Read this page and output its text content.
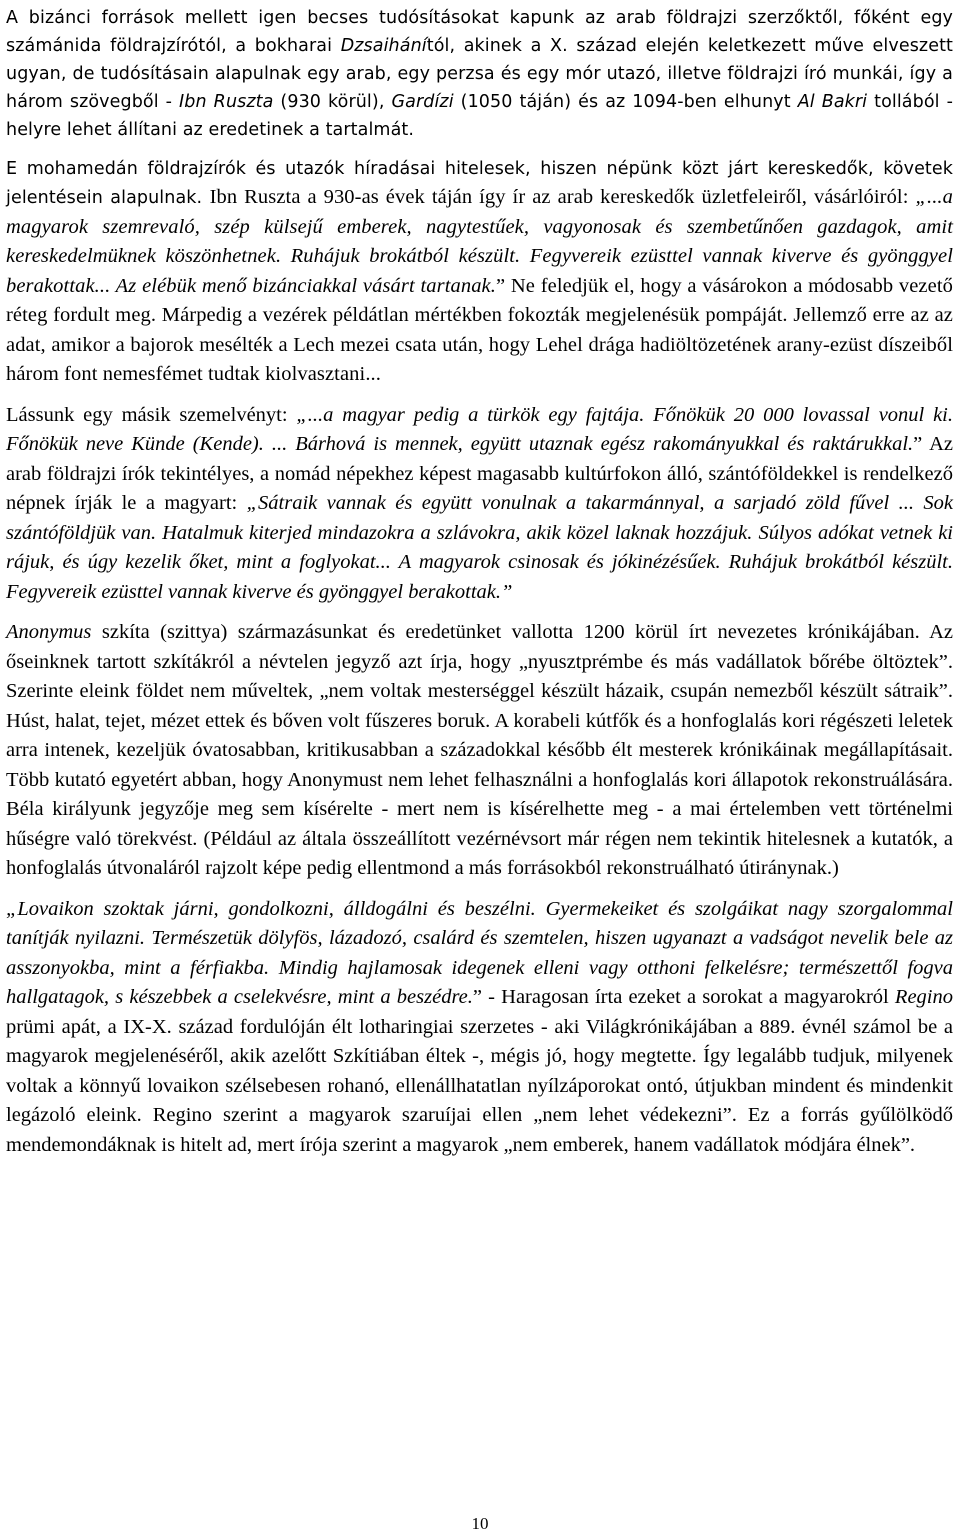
A bizánci források mellett igen becses tudósításokat kapunk az arab földrajzi szerzőktől, főként egy számánida földrajzírótól, a bokharai Dzsaihánítól, akinek a X. század elején keletkezett műve elveszett ugyan, de tudósításain alapulnak egy arab, egy perzsa és egy mór utazó, illetve földrajzi író munkái, így a három szövegből - Ibn Ruszta (930 körül), Gardízi (1050 táján) és az 1094-ben elhunyt Al Bakri tollából - helyre lehet állítani az eredetinek a tartalmát.

E mohamedán földrajzírók és utazók híradásai hitelesek, hiszen népünk közt járt kereskedők, követek jelentésein alapulnak. Ibn Ruszta a 930-as évek táján így ír az arab kereskedők üzletfeleiről, vásárlóiról: „...a magyarok szemrevaló, szép külsejű emberek, nagytestűek, vagyonosak és szembetűnően gazdagok, amit kereskedelmüknek köszönhetnek. Ruhájuk brokátból készült. Fegyvereik ezüsttel vannak kiverve és gyönggyel berakottak... Az elébük menő bizánciakkal vásárt tartanak.” Ne feledjük el, hogy a vásárokon a módosabb vezető réteg fordult meg. Márpedig a vezérek példátlan mértékben fokozták megjelenésük pompáját. Jellemző erre az az adat, amikor a bajorok mesélték a Lech mezei csata után, hogy Lehel drága hadiöltözetének arany-ezüst díszeiből három font nemesfémet tudtak kiolvasztani...

Lássunk egy másik szemelvényt: „...a magyar pedig a türkök egy fajtája. Főnökük 20 000 lovassal vonul ki. Főnökük neve Künde (Kende). ... Bárhová is mennek, együtt utaznak egész rakományukkal és raktárukkal.” Az arab földrajzi írók tekintélyes, a nomád népekhez képest magasabb kultúrfokon álló, szántóföldekkel is rendelkező népnek írják le a magyart: „Sátraik vannak és együtt vonulnak a takarmánnyal, a sarjadó zöld fűvel ... Sok szántóföldjük van. Hatalmuk kiterjed mindazokra a szlávokra, akik közel laknak hozzájuk. Súlyos adókat vetnek ki rájuk, és úgy kezelik őket, mint a foglyokat... A magyarok csinosak és jókinézésűek. Ruhájuk brokátból készült. Fegyvereik ezüsttel vannak kiverve és gyönggyel berakottak.”

Anonymus szkíta (szittya) származásunkat és eredetünket vallotta 1200 körül írt nevezetes krónikájában. Az őseinknek tartott szkítákról a névtelen jegyző azt írja, hogy „nyusztprémbe és más vadállatok bőrébe öltöztek”. Szerinte eleink földet nem műveltek, „nem voltak mesterséggel készült házaik, csupán nemezből készült sátraik”. Húst, halat, tejet, mézet ettek és bőven volt fűszeres boruk. A korabeli kútfők és a honfoglalás kori régészeti leletek arra intenek, kezeljük óvatosabban, kritikusabban a századokkal később élt mesterek krónikáinak megállapításait. Több kutató egyetért abban, hogy Anonymust nem lehet felhasználni a honfoglalás kori állapotok rekonstruálására. Béla királyunk jegyzője meg sem kísérelte - mert nem is kísérelhette meg - a mai értelemben vett történelmi hűségre való törekvést. (Például az általa összeállított vezérnévsort már régen nem tekintik hitelesnek a kutatók, a honfoglalás útvonaláról rajzolt képe pedig ellentmond a más forrásokból rekonstruálható útiránynak.)

„Lovaikon szoktak járni, gondolkozni, álldogálni és beszélni. Gyermekeiket és szolgáikat nagy szorgalommal tanítják nyilazni. Természetük dölyfös, lázadozó, csalárd és szemtelen, hiszen ugyanazt a vadságot nevelik bele az asszonyokba, mint a férfiakba. Mindig hajlamosak idegenek elleni vagy otthoni felkelésre; természettől fogva hallgatagok, s készebbek a cselekvésre, mint a beszédre.” - Haragosan írta ezeket a sorokat a magyarokról Regino prümi apát, a IX-X. század fordulóján élt lotharingiai szerzetes - aki Világkrónikájában a 889. évnél számol be a magyarok megjelenéséről, akik azelőtt Szkítiában éltek -, mégis jó, hogy megtette. Így legalább tudjuk, milyenek voltak a könnyű lovaikon szélsebesen rohanó, ellenállhatatlan nyílzáporokat ontó, útjukban mindent és mindenkit legázoló eleink. Regino szerint a magyarok szaruíjai ellen „nem lehet védekezni”. Ez a forrás gyűlölködő mendemondáknak is hitelt ad, mert írója szerint a magyarok „nem emberek, hanem vadállatok módjára élnek”.

10
